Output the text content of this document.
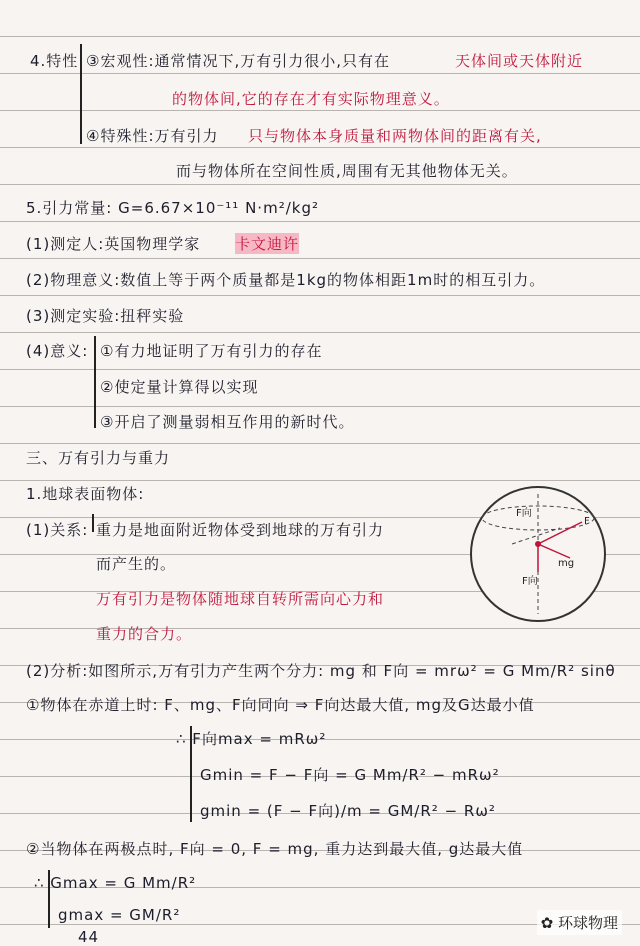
4.特性: ③宏观性:通常情况下,万有引力很小,只有在	天体间或天体附近
的物体间,它的存在才有实际物理意义。
④特殊性:万有引力 只与物体本身质量和两物体间的距离有关,
而与物体所在空间性质,周围有无其他物体无关。
5.引力常量: G=6.67×10⁻¹¹ N·m²/kg²
(1)测定人:英国物理学家 卡文迪许
(2)物理意义:数值上等于两个质量都是1kg的物体相距1m时的相互引力。
(3)测定实验:扭秤实验
(4)意义: ①有力地证明了万有引力的存在
②使定量计算得以实现
③开启了测量弱相互作用的新时代。
三、万有引力与重力
1.地球表面物体:
(1)关系: 重力是地面附近物体受到地球的万有引力
而产生的。
万有引力是物体随地球自转所需向心力和
重力的合力。
F向
F
mg
F向
(2)分析:如图所示,万有引力产生两个分力: mg 和 F向 = mrω² = G Mm/R² sinθ
①物体在赤道上时: F、mg、F向同向 ⇒ F向达最大值, mg及G达最小值
∴ F向max = mRω²
Gmin = F − F向 = G Mm/R² − mRω²
gmin = (F − F向)/m = GM/R² − Rω²
②当物体在两极点时, F向 = 0, F = mg, 重力达到最大值, g达最大值
∴ Gmax = G Mm/R²
gmax = GM/R²
44
✿ 环球物理
